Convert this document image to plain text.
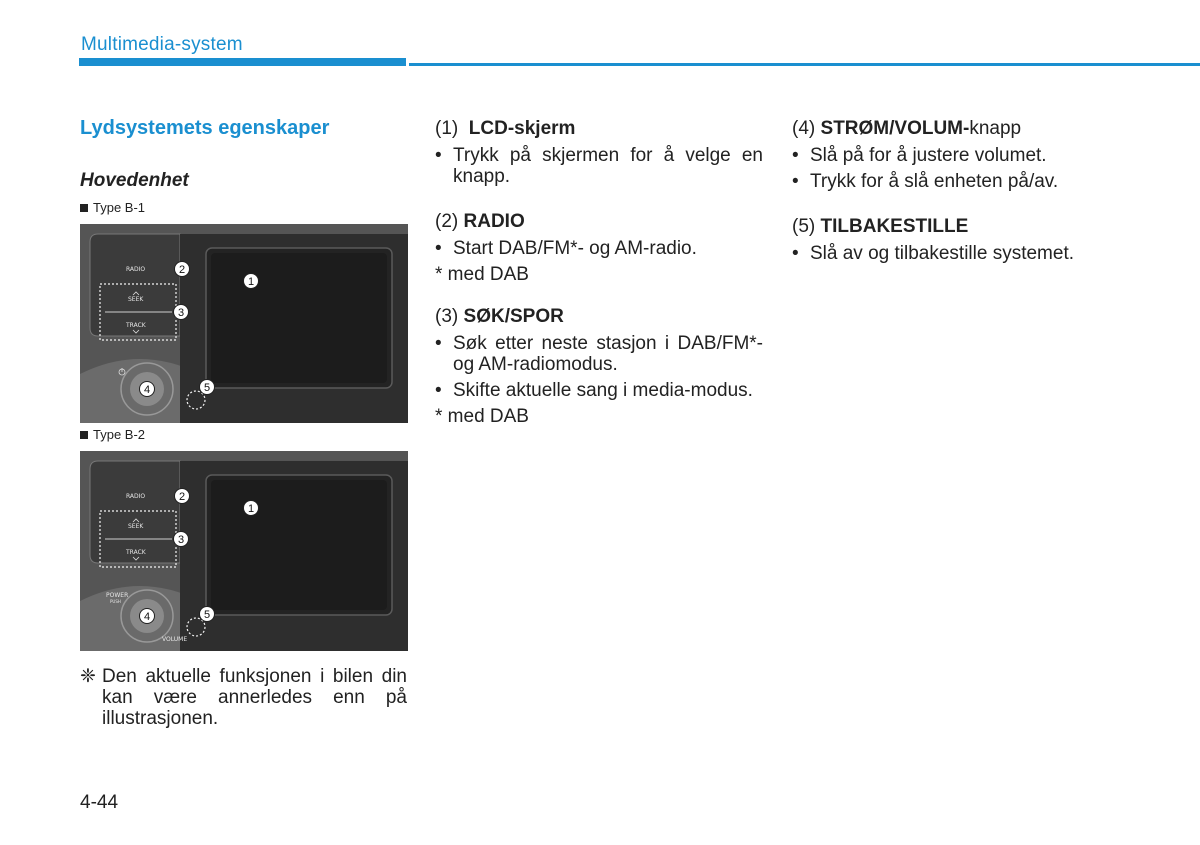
Multimedia-system
Lydsystemets egenskaper
Hovedenhet
Type B-1
RADIO
SEEK
TRACK
1
2
3
4	5
Type B-2
RADIO
SEEK
TRACK
POWER
PUSH
VOLUME
1
2
3
4	5
❈ Den aktuelle funksjonen i bilen din kan være annerledes enn på illustrasjonen.

(1) LCD-skjerm

• Trykk på skjermen for å velge en knapp.

(2) RADIO

• Start DAB/FM*- og AM-radio.

* med DAB

(3) SØK/SPOR

• Søk etter neste stasjon i DAB/FM*- og AM-radiomodus.

• Skifte aktuelle sang i media-modus.

* med DAB

(4) STRØM/VOLUM-knapp

• Slå på for å justere volumet.

• Trykk for å slå enheten på/av.

(5) TILBAKESTILLE

• Slå av og tilbakestille systemet.

4-44
